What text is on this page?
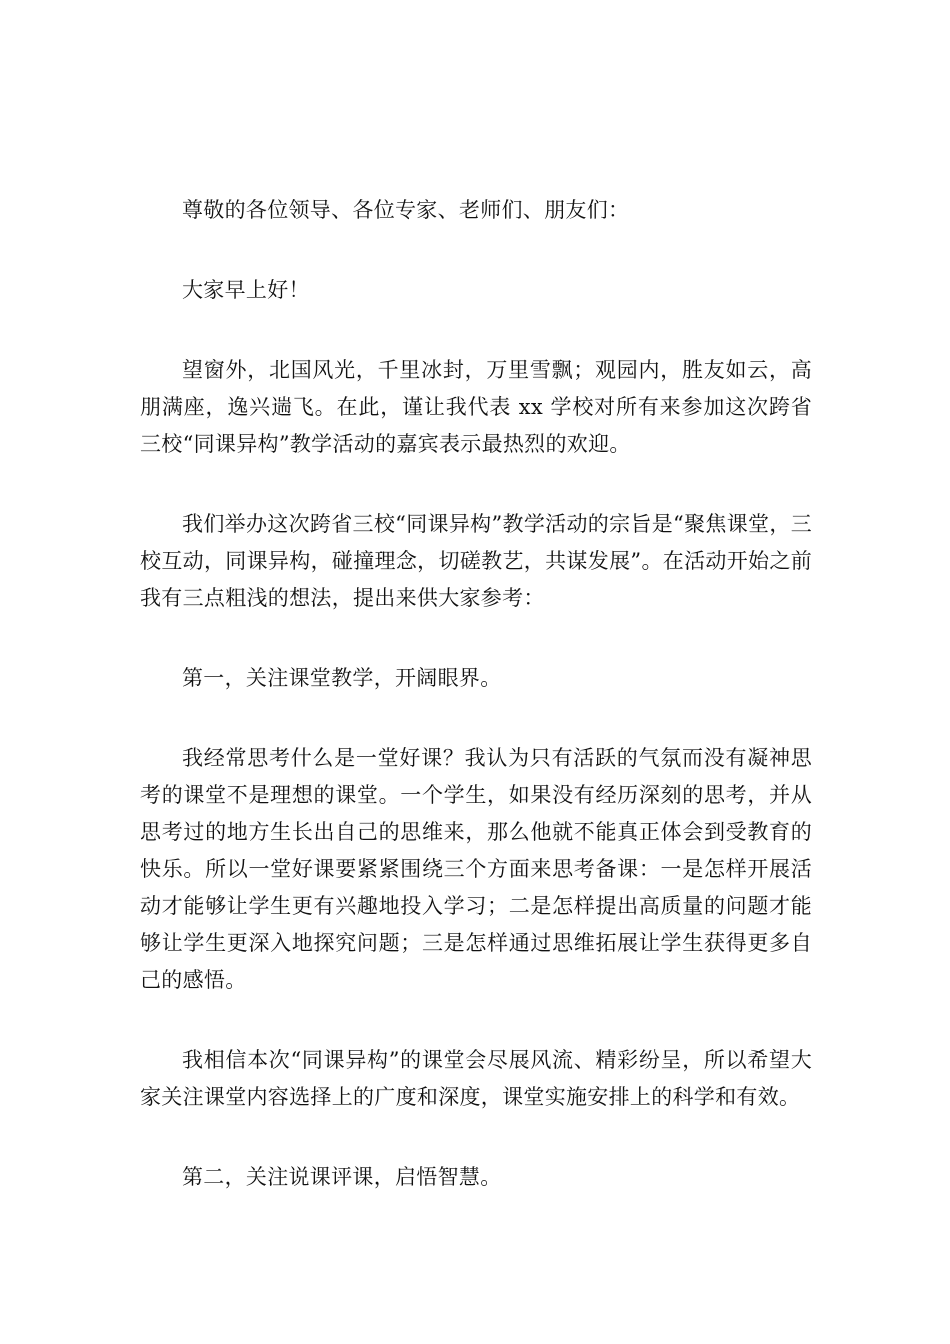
尊敬的各位领导、各位专家、老师们、朋友们：

大家早上好！

望窗外，北国风光，千里冰封，万里雪飘；观园内，胜友如云，高朋满座，逸兴遄飞。在此，谨让我代表 xx 学校对所有来参加这次跨省三校“同课异构”教学活动的嘉宾表示最热烈的欢迎。

我们举办这次跨省三校“同课异构”教学活动的宗旨是“聚焦课堂，三校互动，同课异构，碰撞理念，切磋教艺，共谋发展”。在活动开始之前我有三点粗浅的想法，提出来供大家参考：

第一，关注课堂教学，开阔眼界。

我经常思考什么是一堂好课？我认为只有活跃的气氛而没有凝神思考的课堂不是理想的课堂。一个学生，如果没有经历深刻的思考，并从思考过的地方生长出自己的思维来，那么他就不能真正体会到受教育的快乐。所以一堂好课要紧紧围绕三个方面来思考备课：一是怎样开展活动才能够让学生更有兴趣地投入学习；二是怎样提出高质量的问题才能够让学生更深入地探究问题；三是怎样通过思维拓展让学生获得更多自己的感悟。

我相信本次“同课异构”的课堂会尽展风流、精彩纷呈，所以希望大家关注课堂内容选择上的广度和深度，课堂实施安排上的科学和有效。

第二，关注说课评课，启悟智慧。
